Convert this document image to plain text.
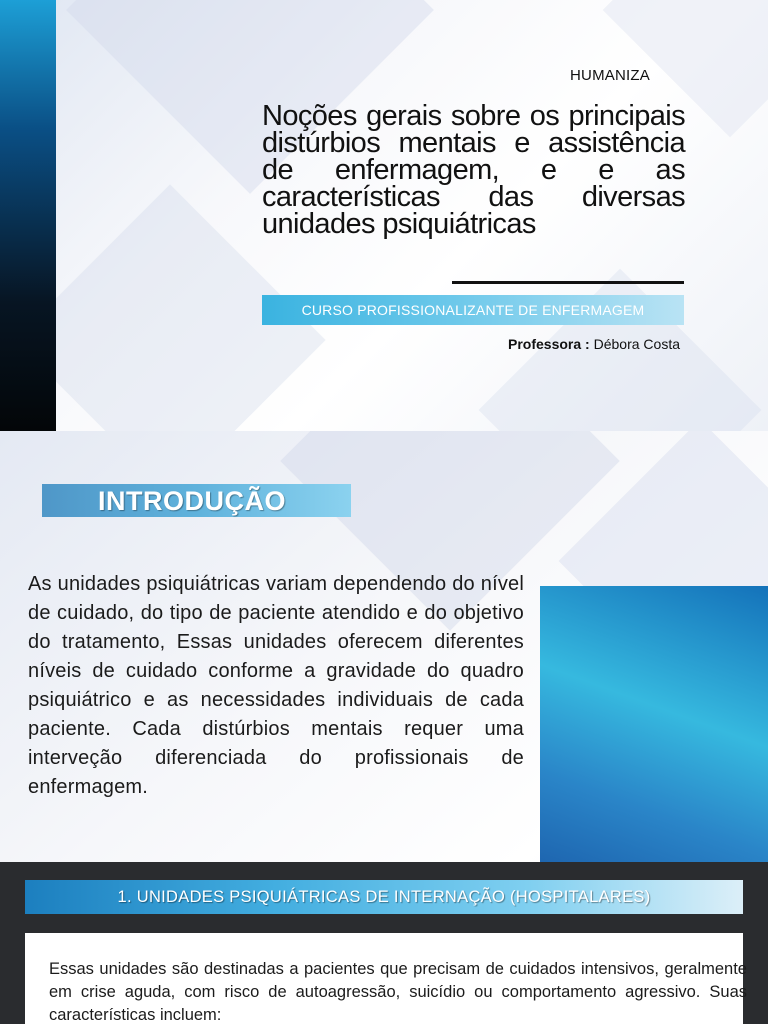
HUMANIZA
Noções gerais sobre os principais distúrbios mentais e assistência de enfermagem, e e as características das diversas unidades psiquiátricas
CURSO PROFISSIONALIZANTE DE ENFERMAGEM
Professora : Débora Costa
INTRODUÇÃO

As unidades psiquiátricas variam dependendo do nível de cuidado, do tipo de paciente atendido e do objetivo do tratamento, Essas unidades oferecem diferentes níveis de cuidado conforme a gravidade do quadro psiquiátrico e as necessidades individuais de cada paciente. Cada distúrbios mentais requer uma interveção diferenciada do profissionais de enfermagem.

1. UNIDADES PSIQUIÁTRICAS DE INTERNAÇÃO (HOSPITALARES)

Essas unidades são destinadas a pacientes que precisam de cuidados intensivos, geralmente em crise aguda, com risco de autoagressão, suicídio ou comportamento agressivo. Suas características incluem:
